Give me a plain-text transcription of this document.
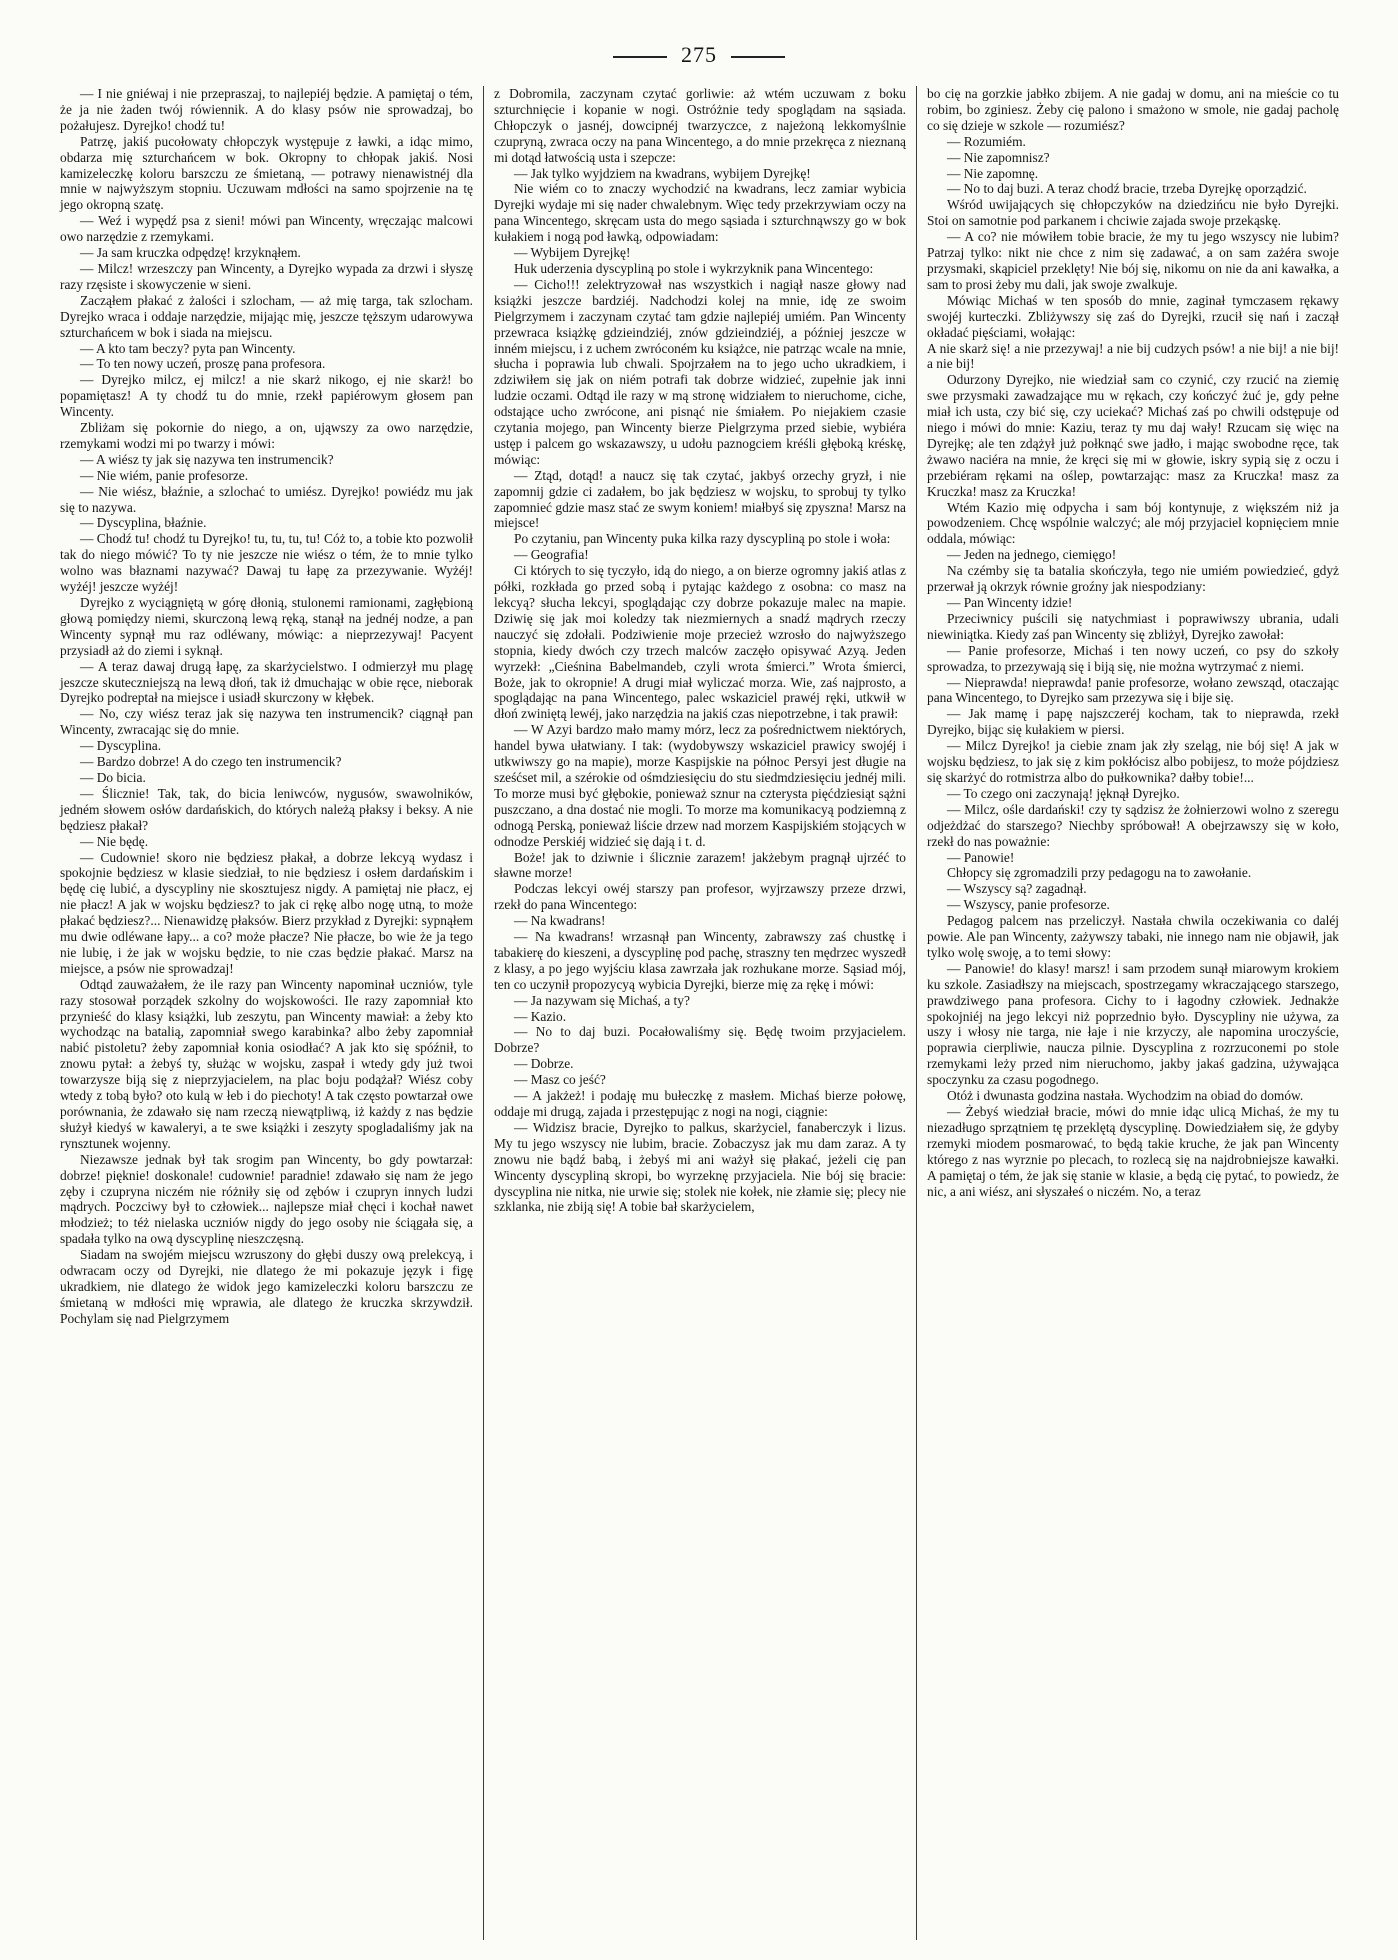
275

— I nie gniéwaj i nie przepraszaj, to najlepiéj będzie. A pamiętaj o tém, że ja nie żaden twój rówiennik. A do klasy psów nie sprowadzaj, bo pożałujesz. Dyrejko! chodź tu!

Patrzę, jakiś pucołowaty chłopczyk występuje z ławki, a idąc mimo, obdarza mię szturchańcem w bok. Okropny to chłopak jakiś. Nosi kamizeleczkę koloru barszczu ze śmietaną, — potrawy nienawistnéj dla mnie w najwyższym stopniu. Uczuwam mdłości na samo spojrzenie na tę jego okropną szatę.

— Weź i wypędź psa z sieni! mówi pan Wincenty, wręczając malcowi owo narzędzie z rzemykami.

— Ja sam kruczka odpędzę! krzyknąłem.

— Milcz! wrzeszczy pan Wincenty, a Dyrejko wypada za drzwi i słyszę razy rzęsiste i skowyczenie w sieni.

Zacząłem płakać z żalości i szlocham, — aż mię targa, tak szlocham. Dyrejko wraca i oddaje narzędzie, mijając mię, jeszcze tęższym udarowywa szturchańcem w bok i siada na miejscu.

— A kto tam beczy? pyta pan Wincenty.

— To ten nowy uczeń, proszę pana profesora.

— Dyrejko milcz, ej milcz! a nie skarż nikogo, ej nie skarż! bo popamiętasz! A ty chodź tu do mnie, rzekł papiérowym głosem pan Wincenty.

Zbliżam się pokornie do niego, a on, ująwszy za owo narzędzie, rzemykami wodzi mi po twarzy i mówi:

— A wiész ty jak się nazywa ten instrumencik?

— Nie wiém, panie profesorze.

— Nie wiész, błaźnie, a szlochać to umiész. Dyrejko! powiédz mu jak się to nazywa.

— Dyscyplina, błaźnie.

— Chodź tu! chodź tu Dyrejko! tu, tu, tu, tu! Cóż to, a tobie kto pozwolił tak do niego mówić? To ty nie jeszcze nie wiész o tém, że to mnie tylko wolno was błaznami nazywać? Dawaj tu łapę za przezywanie. Wyżéj! wyżéj! jeszcze wyżéj!

Dyrejko z wyciągniętą w górę dłonią, stulonemi ramionami, zagłębioną głową pomiędzy niemi, skurczoną lewą ręką, stanął na jednéj nodze, a pan Wincenty sypnął mu raz odléwany, mówiąc: a nieprzezywaj! Pacyent przysiadł aż do ziemi i syknął.

— A teraz dawaj drugą łapę, za skarżycielstwo. I odmierzył mu plagę jeszcze skuteczniejszą na lewą dłoń, tak iż dmuchając w obie ręce, nieborak Dyrejko podreptał na miejsce i usiadł skurczony w kłębek.

— No, czy wiész teraz jak się nazywa ten instrumencik? ciągnął pan Wincenty, zwracając się do mnie.

— Dyscyplina.

— Bardzo dobrze! A do czego ten instrumencik?

— Do bicia.

— Ślicznie! Tak, tak, do bicia leniwców, nygusów, swawolników, jedném słowem osłów dardańskich, do których należą płaksy i beksy. A nie będziesz płakał?

— Nie będę.

— Cudownie! skoro nie będziesz płakał, a dobrze lekcyą wydasz i spokojnie będziesz w klasie siedział, to nie będziesz i osłem dardańskim i będę cię lubić, a dyscypliny nie skosztujesz nigdy. A pamiętaj nie płacz, ej nie płacz! A jak w wojsku będziesz? to jak ci rękę albo nogę utną, to może płakać będziesz?... Nienawidzę płaksów. Bierz przykład z Dyrejki: sypnąłem mu dwie odléwane łapy... a co? może płacze? Nie płacze, bo wie że ja tego nie lubię, i że jak w wojsku będzie, to nie czas będzie płakać. Marsz na miejsce, a psów nie sprowadzaj!

Odtąd zauważałem, że ile razy pan Wincenty napominał uczniów, tyle razy stosował porządek szkolny do wojskowości. Ile razy zapomniał kto przynieść do klasy książki, lub zeszytu, pan Wincenty mawiał: a żeby kto wychodząc na batalią, zapomniał swego karabinka? albo żeby zapomniał nabić pistoletu? żeby zapomniał konia osiodłać? A jak kto się spóźnił, to znowu pytał: a żebyś ty, służąc w wojsku, zaspał i wtedy gdy już twoi towarzysze biją się z nieprzyjacielem, na plac boju podążał? Wiész coby wtedy z tobą było? oto kulą w łeb i do piechoty! A tak często powtarzał owe porównania, że zdawało się nam rzeczą niewątpliwą, iż każdy z nas będzie służył kiedyś w kawaleryi, a te swe książki i zeszyty spogladaliśmy jak na rynsztunek wojenny.

Niezawsze jednak był tak srogim pan Wincenty, bo gdy powtarzał: dobrze! pięknie! doskonale! cudownie! paradnie! zdawało się nam że jego zęby i czupryna niczém nie różniły się od zębów i czupryn innych ludzi mądrych. Poczciwy był to człowiek... najlepsze miał chęci i kochał nawet młodzież; to téż nielaska uczniów nigdy do jego osoby nie ściągała się, a spadała tylko na ową dyscyplinę nieszczęsną.

Siadam na swojém miejscu wzruszony do głębi duszy ową prelekcyą, i odwracam oczy od Dyrejki, nie dlatego że mi pokazuje język i figę ukradkiem, nie dlatego że widok jego kamizeleczki koloru barszczu ze śmietaną w mdłości mię wprawia, ale dlatego że kruczka skrzywdził. Pochylam się nad Pielgrzymem

z Dobromila, zaczynam czytać gorliwie: aż wtém uczuwam z boku szturchnięcie i kopanie w nogi. Ostróżnie tedy spoglądam na sąsiada. Chłopczyk o jasnéj, dowcipnéj twarzyczce, z najeżoną lekkomyślnie czupryną, zwraca oczy na pana Wincentego, a do mnie przekręca z nieznaną mi dotąd łatwością usta i szepcze:

— Jak tylko wyjdziem na kwadrans, wybijem Dyrejkę!

Nie wiém co to znaczy wychodzić na kwadrans, lecz zamiar wybicia Dyrejki wydaje mi się nader chwalebnym. Więc tedy przekrzywiam oczy na pana Wincentego, skręcam usta do mego sąsiada i szturchnąwszy go w bok kułakiem i nogą pod ławką, odpowiadam:

— Wybijem Dyrejkę!

Huk uderzenia dyscypliną po stole i wykrzyknik pana Wincentego:

— Cicho!!! zelektryzował nas wszystkich i nagiął nasze głowy nad książki jeszcze bardziéj. Nadchodzi kolej na mnie, idę ze swoim Pielgrzymem i zaczynam czytać tam gdzie najlepiéj umiém. Pan Wincenty przewraca książkę gdzieindziéj, znów gdzieindziéj, a później jeszcze w inném miejscu, i z uchem zwróconém ku książce, nie patrząc wcale na mnie, słucha i poprawia lub chwali. Spojrzałem na to jego ucho ukradkiem, i zdziwiłem się jak on niém potrafi tak dobrze widzieć, zupełnie jak inni ludzie oczami. Odtąd ile razy w mą stronę widziałem to nieruchome, ciche, odstające ucho zwrócone, ani pisnąć nie śmiałem. Po niejakiem czasie czytania mojego, pan Wincenty bierze Pielgrzyma przed siebie, wybiéra ustęp i palcem go wskazawszy, u udołu paznogciem kréśli głęboką kréskę, mówiąc:

— Ztąd, dotąd! a naucz się tak czytać, jakbyś orzechy gryzł, i nie zapomnij gdzie ci zadałem, bo jak będziesz w wojsku, to sprobuj ty tylko zapomnieć gdzie masz stać ze swym koniem! miałbyś się zpysznа! Marsz na miejsce!

Po czytaniu, pan Wincenty puka kilka razy dyscypliną po stole i woła:

— Geografia!

Ci których to się tyczyło, idą do niego, a on bierze ogromny jakiś atlas z półki, rozkłada go przed sobą i pytając każdego z osobna: co masz na lekcyą? słucha lekcyi, spoglądając czy dobrze pokazuje malec na mapie. Dziwię się jak moi koledzy tak niezmiernych a snadź mądrych rzeczy nauczyć się zdołali. Podziwienie moje przecież wzrosło do najwyższego stopnia, kiedy dwóch czy trzech malców zaczęło opisywać Azyą. Jeden wyrzekł: „Cieśnina Babelmandeb, czyli wrota śmierci.” Wrota śmierci, Boże, jak to okropnie! A drugi miał wyliczać morza. Wie, zaś najprosto, a spoglądając na pana Wincentego, palec wskaziciel prawéj ręki, utkwił w dłoń zwiniętą lewéj, jako narzędzia na jakiś czas niepotrzebne, i tak prawił:

— W Azyi bardzo mało mamy mórz, lecz za pośrednictwem niektórych, handel bywa ułatwiany. I tak: (wydobywszy wskaziciel prawicy swojéj i utkwiwszy go na mapie), morze Kaspijskie na północ Persyi jest długie na sześćset mil, a szérokie od ośmdziesięciu do stu siedmdziesięciu jednéj mili. To morze musi być głębokie, ponieważ sznur na czterysta pięćdziesiąt sążni puszczano, a dna dostać nie mogli. To morze ma komunikacyą podziemną z odnogą Perską, ponieważ liście drzew nad morzem Kaspijskiém stojących w odnodze Perskiéj widzieć się dają i t. d.

Boże! jak to dziwnie i ślicznie zarazem! jakżebym pragnął ujrzéć to sławne morze!

Podczas lekcyi owéj starszy pan profesor, wyjrzawszy przeze drzwi, rzekł do pana Wincentego:

— Na kwadrans!

— Na kwadrans! wrzasnął pan Wincenty, zabrawszy zaś chustkę i tabakierę do kieszeni, a dyscyplinę pod pachę, straszny ten mędrzec wyszedł z klasy, a po jego wyjściu klasa zawrzała jak rozhukane morze. Sąsiad mój, ten co uczynił propozycyą wybicia Dyrejki, bierze mię za rękę i mówi:

— Ja nazywam się Michaś, a ty?

— Kazio.

— No to daj buzi. Pocałowaliśmy się. Będę twoim przyjacielem. Dobrze?

— Dobrze.

— Masz co jeść?

— A jakżeż! i podaję mu bułeczkę z masłem. Michaś bierze połowę, oddaje mi drugą, zajada i przestępując z nogi na nogi, ciągnie:

— Widzisz bracie, Dyrejko to palkus, skarżyciel, fanaberczyk i lizus. My tu jego wszyscy nie lubim, bracie. Zobaczysz jak mu dam zaraz. A ty znowu nie bądź babą, i żebyś mi ani ważył się płakać, jeżeli cię pan Wincenty dyscypliną skropi, bo wyrzeknę przyjaciela. Nie bój się bracie: dyscyplina nie nitka, nie urwie się; stolek nie kołek, nie złamie się; plecy nie szklanka, nie zbiją się! A tobie bał skarżycielem,

bo cię na gorzkie jabłko zbijem. A nie gadaj w domu, ani na mieście co tu robim, bo zginiesz. Żeby cię palono i smażono w smole, nie gadaj pacholę co się dzieje w szkole — rozumiész?

— Rozumiém.

— Nie zapomnisz?

— Nie zapomnę.

— No to daj buzi. A teraz chodź bracie, trzeba Dyrejkę oporządzić.

Wśród uwijających się chłopczyków na dziedzińcu nie było Dyrejki. Stoi on samotnie pod parkanem i chciwie zajada swoje przekąskę.

— A co? nie mówiłem tobie bracie, że my tu jego wszyscy nie lubim? Patrzaj tylko: nikt nie chce z nim się zadawać, a on sam zażéra swoje przysmaki, skąpiciel przeklęty! Nie bój się, nikomu on nie da ani kawałka, a sam to prosi żeby mu dali, jak swoje zwalkuje.

Mówiąc Michaś w ten sposób do mnie, zaginał tymczasem rękawy swojéj kurteczki. Zbliżywszy się zaś do Dyrejki, rzucił się nań i zaczął okładać pięściami, wołając:

A nie skarż się! a nie przezywaj! a nie bij cudzych psów! a nie bij! a nie bij! a nie bij!

Odurzony Dyrejko, nie wiedział sam co czynić, czy rzucić na ziemię swe przysmaki zawadzające mu w rękach, czy kończyć żuć je, gdy pełne miał ich usta, czy bić się, czy uciekać? Michaś zaś po chwili odstępuje od niego i mówi do mnie: Kaziu, teraz ty mu daj wały! Rzucam się więc na Dyrejkę; ale ten zdążył już połknąć swe jadło, i mając swobodne ręce, tak żwawo naciéra na mnie, że kręci się mi w głowie, iskry sypią się z oczu i przebiéram rękami na oślep, powtarzając: masz za Kruczka! masz za Kruczka! masz za Kruczka!

Wtém Kazio mię odpycha i sam bój kontynuje, z większém niż ja powodzeniem. Chcę wspólnie walczyć; ale mój przyjaciel kopnięciem mnie oddala, mówiąc:

— Jeden na jednego, ciemięgo!

Na czémby się ta batalia skończyła, tego nie umiém powiedzieć, gdyż przerwał ją okrzyk równie groźny jak niespodziany:

— Pan Wincenty idzie!

Przeciwnicy puścili się natychmiast i poprawiwszy ubrania, udali niewiniątka. Kiedy zaś pan Wincenty się zbliżył, Dyrejko zawołał:

— Panie profesorze, Michaś i ten nowy uczeń, co psy do szkoły sprowadza, to przezywają się i biją się, nie można wytrzymać z niemi.

— Nieprawda! nieprawda! panie profesorze, wołano zewsząd, otaczając pana Wincentego, to Dyrejko sam przezywa się i bije się.

— Jak mamę i papę najszczeréj kocham, tak to nieprawda, rzekł Dyrejko, bijąc się kułakiem w piersi.

— Milcz Dyrejko! ja ciebie znam jak zły szeląg, nie bój się! A jak w wojsku będziesz, to jak się z kim pokłócisz albo pobijesz, to może pójdziesz się skarżyć do rotmistrza albo do pułkownika? dałby tobie!...

— To czego oni zaczynają! jęknął Dyrejko.

— Milcz, ośle dardański! czy ty sądzisz że żołnierzowi wolno z szeregu odjeżdżać do starszego? Niechby spróbował! A obejrzawszy się w koło, rzekł do nas poważnie:

— Panowie!

Chłopcy się zgromadzili przy pedagogu na to zawołanie.

— Wszyscy są? zagadnął.

— Wszyscy, panie profesorze.

Pedagog palcem nas przeliczył. Nastała chwila oczekiwania co daléj powie. Ale pan Wincenty, zażywszy tabaki, nie innego nam nie objawił, jak tylko wolę swoję, a to temi słowy:

— Panowie! do klasy! marsz! i sam przodem sunął miarowym krokiem ku szkole. Zasiadłszy na miejscach, spostrzegamy wkraczającego starszego, prawdziwego pana profesora. Cichy to i łagodny człowiek. Jednakże spokojniéj na jego lekcyi niż poprzednio było. Dyscypliny nie używa, za uszy i włosy nie targa, nie łaje i nie krzyczy, ale napomina uroczyście, poprawia cierpliwie, naucza pilnie. Dyscyplina z rozrzuconemi po stole rzemykami leży przed nim nieruchomo, jakby jakaś gadzina, używająca spoczynku za czasu pogodnego.

Otóż i dwunasta godzina nastała. Wychodzim na obiad do domów.

— Żebyś wiedział bracie, mówi do mnie idąc ulicą Michaś, że my tu niezadługo sprzątniem tę przeklętą dyscyplinę. Dowiedziałem się, że gdyby rzemyki miodem posmarować, to będą takie kruche, że jak pan Wincenty którego z nas wyrznie po plecach, to rozlecą się na najdrobniejsze kawałki. A pamiętaj o tém, że jak się stanie w klasie, a będą cię pytać, to powiedz, że nic, a ani wiész, ani słyszałeś o niczém. No, a teraz
